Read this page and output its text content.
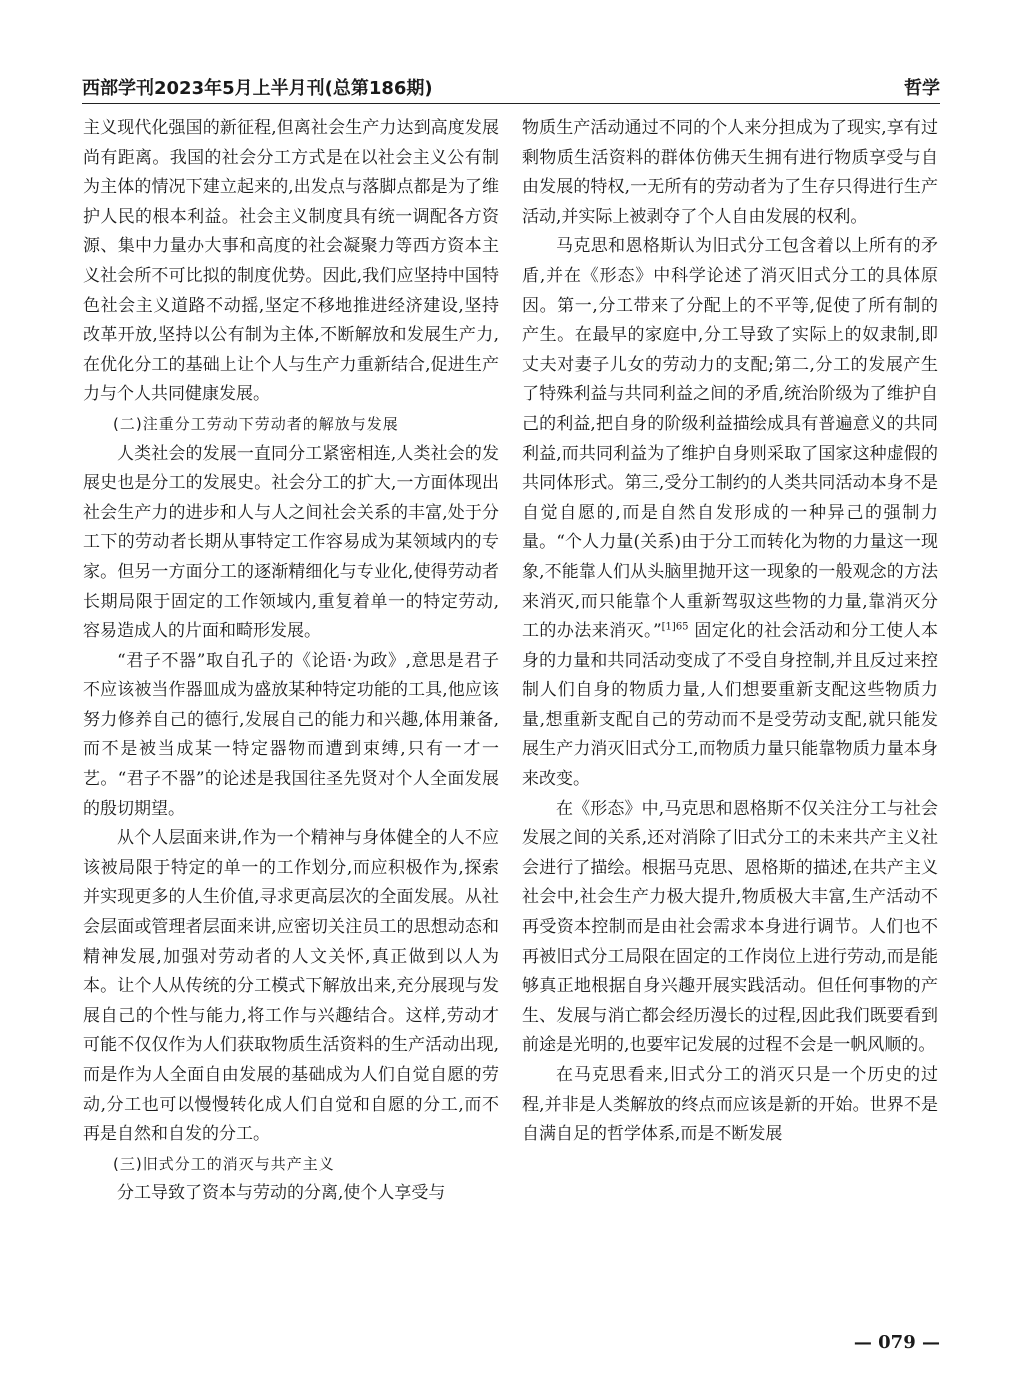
西部学刊2023年5月上半月刊(总第186期)	哲学

主义现代化强国的新征程,但离社会生产力达到高度发展尚有距离。我国的社会分工方式是在以社会主义公有制为主体的情况下建立起来的,出发点与落脚点都是为了维护人民的根本利益。社会主义制度具有统一调配各方资源、集中力量办大事和高度的社会凝聚力等西方资本主义社会所不可比拟的制度优势。因此,我们应坚持中国特色社会主义道路不动摇,坚定不移地推进经济建设,坚持改革开放,坚持以公有制为主体,不断解放和发展生产力,在优化分工的基础上让个人与生产力重新结合,促进生产力与个人共同健康发展。

(二)注重分工劳动下劳动者的解放与发展

人类社会的发展一直同分工紧密相连,人类社会的发展史也是分工的发展史。社会分工的扩大,一方面体现出社会生产力的进步和人与人之间社会关系的丰富,处于分工下的劳动者长期从事特定工作容易成为某领域内的专家。但另一方面分工的逐渐精细化与专业化,使得劳动者长期局限于固定的工作领域内,重复着单一的特定劳动,容易造成人的片面和畸形发展。

“君子不器”取自孔子的《论语·为政》,意思是君子不应该被当作器皿成为盛放某种特定功能的工具,他应该努力修养自己的德行,发展自己的能力和兴趣,体用兼备,而不是被当成某一特定器物而遭到束缚,只有一才一艺。“君子不器”的论述是我国往圣先贤对个人全面发展的殷切期望。

从个人层面来讲,作为一个精神与身体健全的人不应该被局限于特定的单一的工作划分,而应积极作为,探索并实现更多的人生价值,寻求更高层次的全面发展。从社会层面或管理者层面来讲,应密切关注员工的思想动态和精神发展,加强对劳动者的人文关怀,真正做到以人为本。让个人从传统的分工模式下解放出来,充分展现与发展自己的个性与能力,将工作与兴趣结合。这样,劳动才可能不仅仅作为人们获取物质生活资料的生产活动出现,而是作为人全面自由发展的基础成为人们自觉自愿的劳动,分工也可以慢慢转化成人们自觉和自愿的分工,而不再是自然和自发的分工。

(三)旧式分工的消灭与共产主义

分工导致了资本与劳动的分离,使个人享受与

物质生产活动通过不同的个人来分担成为了现实,享有过剩物质生活资料的群体仿佛天生拥有进行物质享受与自由发展的特权,一无所有的劳动者为了生存只得进行生产活动,并实际上被剥夺了个人自由发展的权利。

马克思和恩格斯认为旧式分工包含着以上所有的矛盾,并在《形态》中科学论述了消灭旧式分工的具体原因。第一,分工带来了分配上的不平等,促使了所有制的产生。在最早的家庭中,分工导致了实际上的奴隶制,即丈夫对妻子儿女的劳动力的支配;第二,分工的发展产生了特殊利益与共同利益之间的矛盾,统治阶级为了维护自己的利益,把自身的阶级利益描绘成具有普遍意义的共同利益,而共同利益为了维护自身则采取了国家这种虚假的共同体形式。第三,受分工制约的人类共同活动本身不是自觉自愿的,而是自然自发形成的一种异己的强制力量。“个人力量(关系)由于分工而转化为物的力量这一现象,不能靠人们从头脑里抛开这一现象的一般观念的方法来消灭,而只能靠个人重新驾驭这些物的力量,靠消灭分工的办法来消灭。”$^{[1]65}$ 固定化的社会活动和分工使人本身的力量和共同活动变成了不受自身控制,并且反过来控制人们自身的物质力量,人们想要重新支配这些物质力量,想重新支配自己的劳动而不是受劳动支配,就只能发展生产力消灭旧式分工,而物质力量只能靠物质力量本身来改变。

在《形态》中,马克思和恩格斯不仅关注分工与社会发展之间的关系,还对消除了旧式分工的未来共产主义社会进行了描绘。根据马克思、恩格斯的描述,在共产主义社会中,社会生产力极大提升,物质极大丰富,生产活动不再受资本控制而是由社会需求本身进行调节。人们也不再被旧式分工局限在固定的工作岗位上进行劳动,而是能够真正地根据自身兴趣开展实践活动。但任何事物的产生、发展与消亡都会经历漫长的过程,因此我们既要看到前途是光明的,也要牢记发展的过程不会是一帆风顺的。

在马克思看来,旧式分工的消灭只是一个历史的过程,并非是人类解放的终点而应该是新的开始。世界不是自满自足的哲学体系,而是不断发展

— 079 —
